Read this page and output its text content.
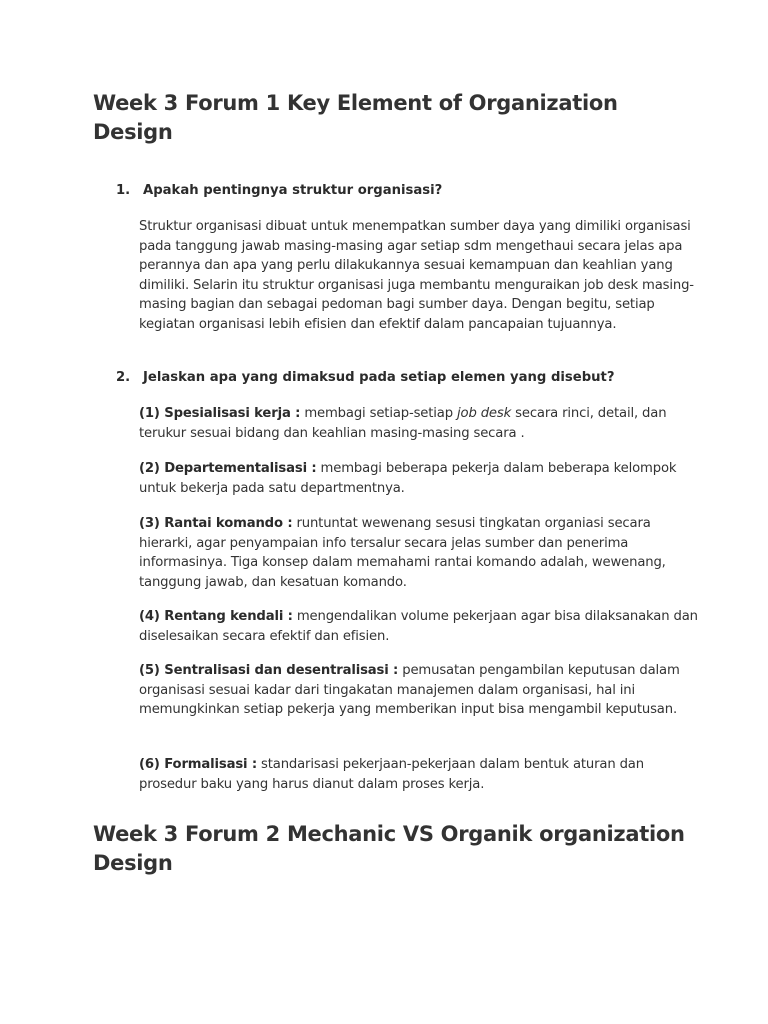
Week 3 Forum 1 Key Element of Organization Design

1. Apakah pentingnya struktur organisasi?

Struktur organisasi dibuat untuk menempatkan sumber daya yang dimiliki organisasi pada tanggung jawab masing-masing agar setiap sdm mengethaui secara jelas apa perannya dan apa yang perlu dilakukannya sesuai kemampuan dan keahlian yang dimiliki. Selarin itu struktur organisasi juga membantu menguraikan job desk masing-masing bagian dan sebagai pedoman bagi sumber daya. Dengan begitu, setiap kegiatan organisasi lebih efisien dan efektif dalam pancapaian tujuannya.

2. Jelaskan apa yang dimaksud pada setiap elemen yang disebut?

(1) Spesialisasi kerja : membagi setiap-setiap job desk secara rinci, detail, dan terukur sesuai bidang dan keahlian masing-masing secara .

(2) Departementalisasi : membagi beberapa pekerja dalam beberapa kelompok untuk bekerja pada satu departmentnya.

(3) Rantai komando : runtuntat wewenang sesusi tingkatan organiasi secara hierarki, agar penyampaian info tersalur secara jelas sumber dan penerima informasinya. Tiga konsep dalam memahami rantai komando adalah, wewenang, tanggung jawab, dan kesatuan komando.

(4) Rentang kendali : mengendalikan volume pekerjaan agar bisa dilaksanakan dan diselesaikan secara efektif dan efisien.

(5) Sentralisasi dan desentralisasi : pemusatan pengambilan keputusan dalam organisasi sesuai kadar dari tingakatan manajemen dalam organisasi, hal ini memungkinkan setiap pekerja yang memberikan input bisa mengambil keputusan.

(6) Formalisasi : standarisasi pekerjaan-pekerjaan dalam bentuk aturan dan prosedur baku yang harus dianut dalam proses kerja.

Week 3 Forum 2 Mechanic VS Organik organization Design
